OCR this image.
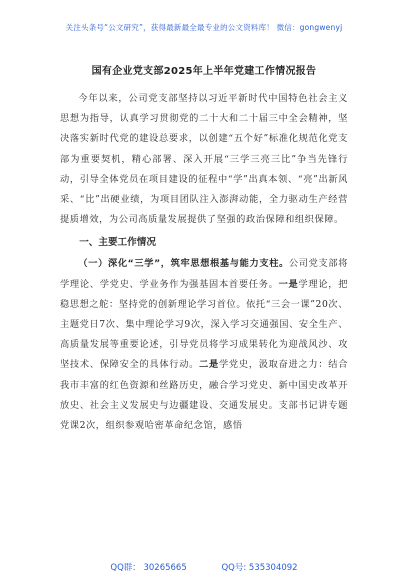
关注头条号“公文研究”，获得最新最全最专业的公文资料库！ 微信：gongwenyj
国有企业党支部2025年上半年党建工作情况报告

今年以来，公司党支部坚持以习近平新时代中国特色社会主义思想为指导，认真学习贯彻党的二十大和二十届三中全会精神，坚决落实新时代党的建设总要求，以创建“五个好”标准化规范化党支部为重要契机，精心部署、深入开展“三学三亮三比”争当先锋行动，引导全体党员在项目建设的征程中“学”出真本领、“亮”出新风采、“比”出硬业绩，为项目团队注入澎湃动能，全力驱动生产经营提质增效，为公司高质量发展提供了坚强的政治保障和组织保障。

一、主要工作情况

（一）深化“三学”，筑牢思想根基与能力支柱。公司党支部将学理论、学党史、学业务作为强基固本首要任务。一是学理论，把稳思想之舵：坚持党的创新理论学习首位。依托“三会一课”20次、主题党日7次、集中理论学习9次，深入学习交通强国、安全生产、高质量发展等重要论述，引导党员将学习成果转化为迎战风沙、攻坚技术、保障安全的具体行动。二是学党史，汲取奋进之力：结合我市丰富的红色资源和丝路历史，融合学习党史、新中国史改革开放史、社会主义发展史与边疆建设、交通发展史。支部书记讲专题党课2次，组织参观哈密革命纪念馆，感悟

QQ群： 30265665	QQ号: 535304092
